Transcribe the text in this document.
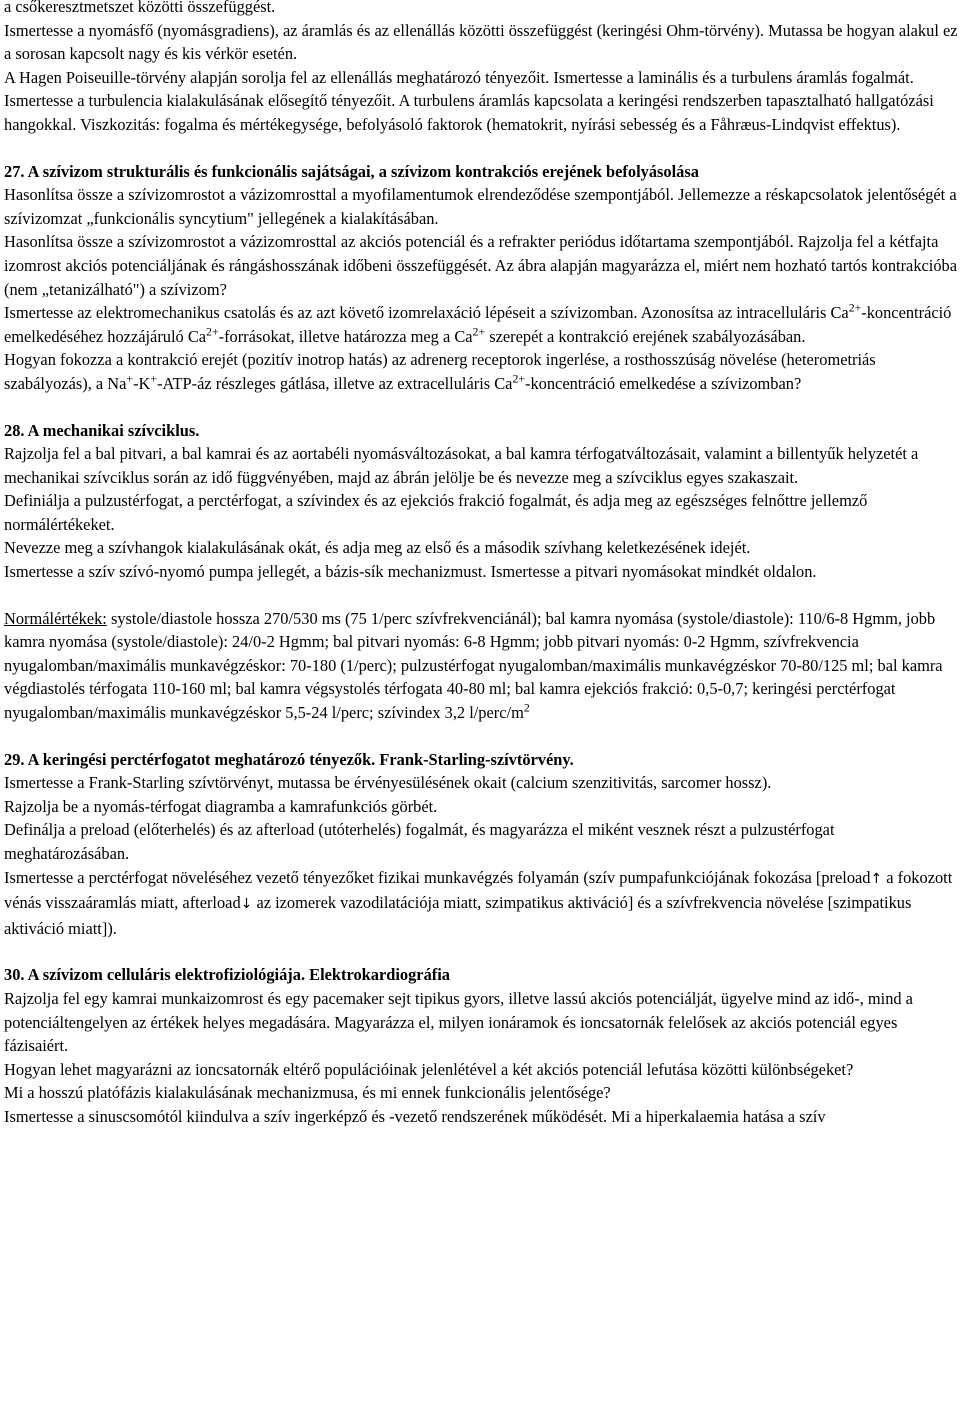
a csőkeresztmetszet közötti összefüggést.

Ismertesse a nyomásfő (nyomásgradiens), az áramlás és az ellenállás közötti összefüggést (keringési Ohm-törvény). Mutassa be hogyan alakul ez a sorosan kapcsolt nagy és kis vérkör esetén.

A Hagen Poiseuille-törvény alapján sorolja fel az ellenállás meghatározó tényezőit. Ismertesse a laminális és a turbulens áramlás fogalmát. Ismertesse a turbulencia kialakulásának elősegítő tényezőit. A turbulens áramlás kapcsolata a keringési rendszerben tapasztalható hallgatózási hangokkal. Viszkozitás: fogalma és mértékegysége, befolyásoló faktorok (hematokrit, nyírási sebesség és a Fåhræus-Lindqvist effektus).

27. A szívizom strukturális és funkcionális sajátságai, a szívizom kontrakciós erejének befolyásolása

Hasonlítsa össze a szívizomrostot a vázizomrosttal a myofilamentumok elrendeződése szempontjából. Jellemezze a réskapcsolatok jelentőségét a szívizomzat „funkcionális syncytium" jellegének a kialakításában.

Hasonlítsa össze a szívizomrostot a vázizomrosttal az akciós potenciál és a refrakter periódus időtartama szempontjából. Rajzolja fel a kétfajta izomrost akciós potenciáljának és rángáshosszának időbeni összefüggését. Az ábra alapján magyarázza el, miért nem hozható tartós kontrakcióba (nem „tetanizálható") a szívizom?

Ismertesse az elektromechanikus csatolás és az azt követő izomrelaxáció lépéseit a szívizomban. Azonosítsa az intracelluláris $Ca^{2+}$-koncentráció emelkedéséhez hozzájáruló $Ca^{2+}$-forrásokat, illetve határozza meg a $Ca^{2+}$ szerepét a kontrakció erejének szabályozásában.

Hogyan fokozza a kontrakció erejét (pozitív inotrop hatás) az adrenerg receptorok ingerlése, a rosthosszúság növelése (heterometriás szabályozás), a Na+-K+-ATP-áz részleges gátlása, illetve az extracelluláris $Ca^{2+}$-koncentráció emelkedése a szívizomban?

28. A mechanikai szívciklus.

Rajzolja fel a bal pitvari, a bal kamrai és az aortabéli nyomásváltozásokat, a bal kamra térfogatváltozásait, valamint a billentyűk helyzetét a mechanikai szívciklus során az idő függvényében, majd az ábrán jelölje be és nevezze meg a szívciklus egyes szakaszait.

Definiálja a pulzustérfogat, a perctérfogat, a szívindex és az ejekciós frakció fogalmát, és adja meg az egészséges felnőttre jellemző normálértékeket.

Nevezze meg a szívhangok kialakulásának okát, és adja meg az első és a második szívhang keletkezésének idejét.

Ismertesse a szív szívó-nyomó pumpa jellegét, a bázis-sík mechanizmust. Ismertesse a pitvari nyomásokat mindkét oldalon.

Normálértékek: systole/diastole hossza 270/530 ms (75 1/perc szívfrekvenciánál); bal kamra nyomása (systole/diastole): 110/6-8 Hgmm, jobb kamra nyomása (systole/diastole): 24/0-2 Hgmm; bal pitvari nyomás: 6-8 Hgmm; jobb pitvari nyomás: 0-2 Hgmm, szívfrekvencia nyugalomban/maximális munkavégzéskor: 70-180 (1/perc); pulzustérfogat nyugalomban/maximális munkavégzéskor 70-80/125 ml; bal kamra végdiastolés térfogata 110-160 ml; bal kamra végsystolés térfogata 40-80 ml; bal kamra ejekciós frakció: 0,5-0,7; keringési perctérfogat nyugalomban/maximális munkavégzéskor 5,5-24 l/perc; szívindex 3,2 $l/perc/m^2$

29. A keringési perctérfogatot meghatározó tényezők. Frank-Starling-szívtörvény.

Ismertesse a Frank-Starling szívtörvényt, mutassa be érvényesülésének okait (calcium szenzitivitás, sarcomer hossz).

Rajzolja be a nyomás-térfogat diagramba a kamrafunkciós görbét.

Definálja a preload (előterhelés) és az afterload (utóterhelés) fogalmát, és magyarázza el miként vesznek részt a pulzustérfogat meghatározásában.

Ismertesse a perctérfogat növeléséhez vezető tényezőket fizikai munkavégzés folyamán (szív pumpafunkciójának fokozása [preload↑ a fokozott vénás visszaáramlás miatt, afterload↓ az izomerek vazodilatációja miatt, szimpatikus aktiváció] és a szívfrekvencia növelése [szimpatikus aktiváció miatt]).

30. A szívizom celluláris elektrofiziológiája. Elektrokardiográfia

Rajzolja fel egy kamrai munkaizomrost és egy pacemaker sejt tipikus gyors, illetve lassú akciós potenciálját, ügyelve mind az idő-, mind a potenciáltengelyen az értékek helyes megadására. Magyarázza el, milyen ionáramok és ioncsatornák felelősek az akciós potenciál egyes fázisaiért.

Hogyan lehet magyarázni az ioncsatornák eltérő populációinak jelenlétével a két akciós potenciál lefutása közötti különbségeket?

Mi a hosszú platófázis kialakulásának mechanizmusa, és mi ennek funkcionális jelentősége?

Ismertesse a sinuscsomótól kiindulva a szív ingerképző és -vezető rendszerének működését. Mi a hiperkalaemia hatása a szív
